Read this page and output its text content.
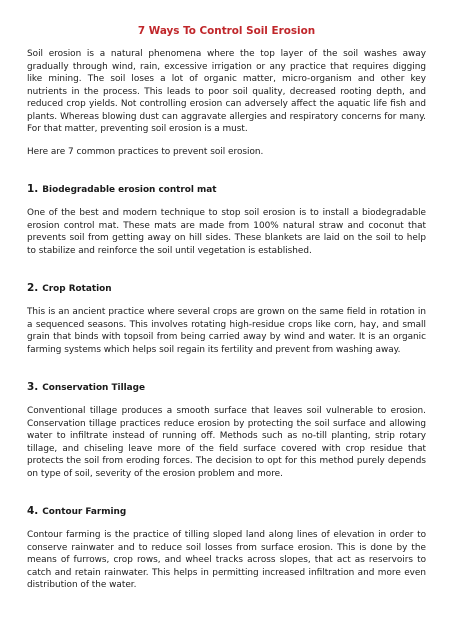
7 Ways To Control Soil Erosion

Soil erosion is a natural phenomena where the top layer of the soil washes away gradually through wind, rain, excessive irrigation or any practice that requires digging like mining. The soil loses a lot of organic matter, micro-organism and other key nutrients in the process. This leads to poor soil quality, decreased rooting depth, and reduced crop yields. Not controlling erosion can adversely affect the aquatic life fish and plants. Whereas blowing dust can aggravate allergies and respiratory concerns for many. For that matter, preventing soil erosion is a must.

Here are 7 common practices to prevent soil erosion.

1. Biodegradable erosion control mat

One of the best and modern technique to stop soil erosion is to install a biodegradable erosion control mat. These mats are made from 100% natural straw and coconut that prevents soil from getting away on hill sides. These blankets are laid on the soil to help to stabilize and reinforce the soil until vegetation is established.

2. Crop Rotation

This is an ancient practice where several crops are grown on the same field in rotation in a sequenced seasons. This involves rotating high-residue crops like corn, hay, and small grain that binds with topsoil from being carried away by wind and water. It is an organic farming systems which helps soil regain its fertility and prevent from washing away.

3. Conservation Tillage

Conventional tillage produces a smooth surface that leaves soil vulnerable to erosion. Conservation tillage practices reduce erosion by protecting the soil surface and allowing water to infiltrate instead of running off. Methods such as no-till planting, strip rotary tillage, and chiseling leave more of the field surface covered with crop residue that protects the soil from eroding forces. The decision to opt for this method purely depends on type of soil, severity of the erosion problem and more.

4. Contour Farming

Contour farming is the practice of tilling sloped land along lines of elevation in order to conserve rainwater and to reduce soil losses from surface erosion. This is done by the means of furrows, crop rows, and wheel tracks across slopes, that act as reservoirs to catch and retain rainwater. This helps in permitting increased infiltration and more even distribution of the water.
